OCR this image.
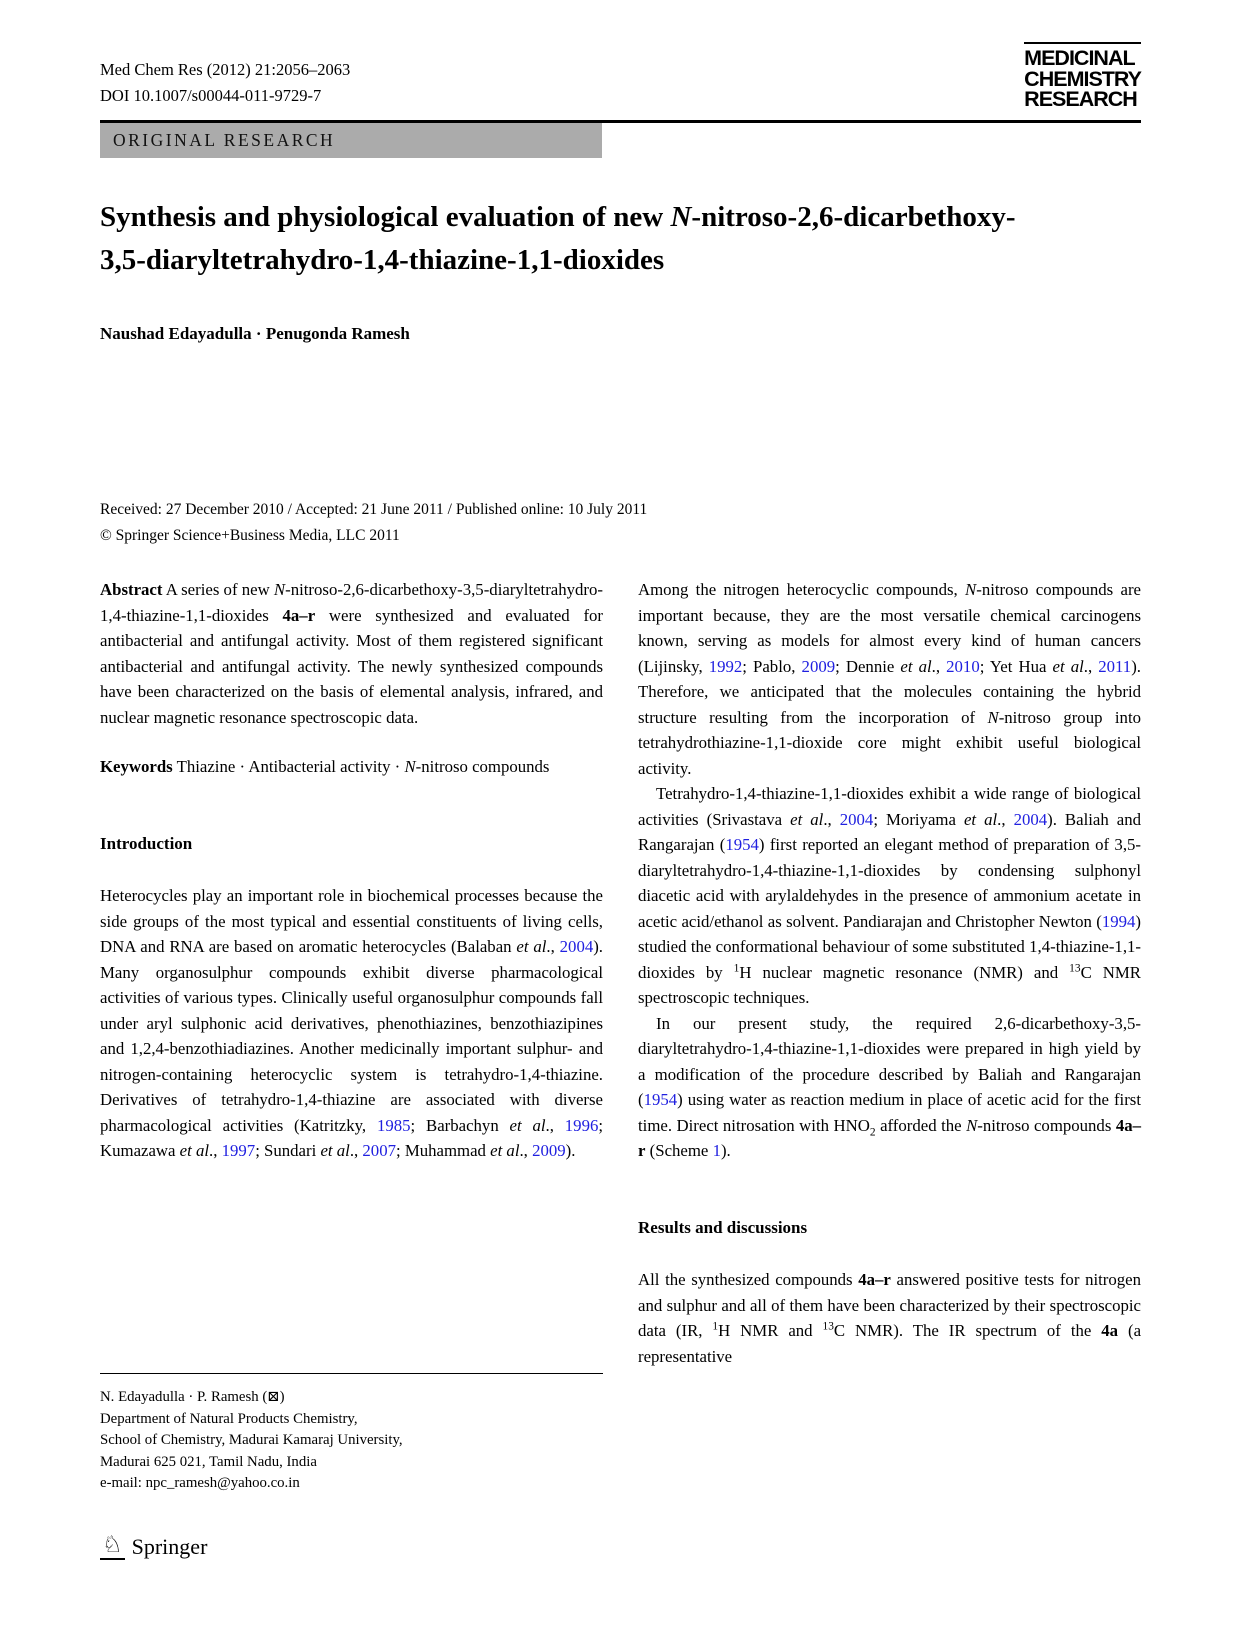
Med Chem Res (2012) 21:2056–2063
DOI 10.1007/s00044-011-9729-7
MEDICINAL
CHEMISTRY
RESEARCH
ORIGINAL RESEARCH
Synthesis and physiological evaluation of new N-nitroso-2,6-dicarbethoxy-3,5-diaryltetrahydro-1,4-thiazine-1,1-dioxides
Naushad Edayadulla · Penugonda Ramesh
Received: 27 December 2010 / Accepted: 21 June 2011 / Published online: 10 July 2011
© Springer Science+Business Media, LLC 2011

Abstract A series of new N-nitroso-2,6-dicarbethoxy-3,5-diaryltetrahydro-1,4-thiazine-1,1-dioxides 4a–r were synthesized and evaluated for antibacterial and antifungal activity. Most of them registered significant antibacterial and antifungal activity. The newly synthesized compounds have been characterized on the basis of elemental analysis, infrared, and nuclear magnetic resonance spectroscopic data.

Keywords Thiazine · Antibacterial activity · N-nitroso compounds

Introduction

Heterocycles play an important role in biochemical processes because the side groups of the most typical and essential constituents of living cells, DNA and RNA are based on aromatic heterocycles (Balaban et al., 2004). Many organosulphur compounds exhibit diverse pharmacological activities of various types. Clinically useful organosulphur compounds fall under aryl sulphonic acid derivatives, phenothiazines, benzothiazipines and 1,2,4-benzothiadiazines. Another medicinally important sulphur- and nitrogen-containing heterocyclic system is tetrahydro-1,4-thiazine. Derivatives of tetrahydro-1,4-thiazine are associated with diverse pharmacological activities (Katritzky, 1985; Barbachyn et al., 1996; Kumazawa et al., 1997; Sundari et al., 2007; Muhammad et al., 2009).

Among the nitrogen heterocyclic compounds, N-nitroso compounds are important because, they are the most versatile chemical carcinogens known, serving as models for almost every kind of human cancers (Lijinsky, 1992; Pablo, 2009; Dennie et al., 2010; Yet Hua et al., 2011). Therefore, we anticipated that the molecules containing the hybrid structure resulting from the incorporation of N-nitroso group into tetrahydrothiazine-1,1-dioxide core might exhibit useful biological activity.

Tetrahydro-1,4-thiazine-1,1-dioxides exhibit a wide range of biological activities (Srivastava et al., 2004; Moriyama et al., 2004). Baliah and Rangarajan (1954) first reported an elegant method of preparation of 3,5-diaryltetrahydro-1,4-thiazine-1,1-dioxides by condensing sulphonyl diacetic acid with arylaldehydes in the presence of ammonium acetate in acetic acid/ethanol as solvent. Pandiarajan and Christopher Newton (1994) studied the conformational behaviour of some substituted 1,4-thiazine-1,1-dioxides by $^1$H nuclear magnetic resonance (NMR) and $^{13}$C NMR spectroscopic techniques.

In our present study, the required 2,6-dicarbethoxy-3,5-diaryltetrahydro-1,4-thiazine-1,1-dioxides were prepared in high yield by a modification of the procedure described by Baliah and Rangarajan (1954) using water as reaction medium in place of acetic acid for the first time. Direct nitrosation with $HNO_2$ afforded the N-nitroso compounds 4a–r (Scheme 1).

Results and discussions

All the synthesized compounds 4a–r answered positive tests for nitrogen and sulphur and all of them have been characterized by their spectroscopic data (IR, $^1$H NMR and $^{13}$C NMR). The IR spectrum of the 4a (a representative

N. Edayadulla · P. Ramesh (⊠)
Department of Natural Products Chemistry,
School of Chemistry, Madurai Kamaraj University,
Madurai 625 021, Tamil Nadu, India
e-mail: npc_ramesh@yahoo.co.in
♘ Springer
